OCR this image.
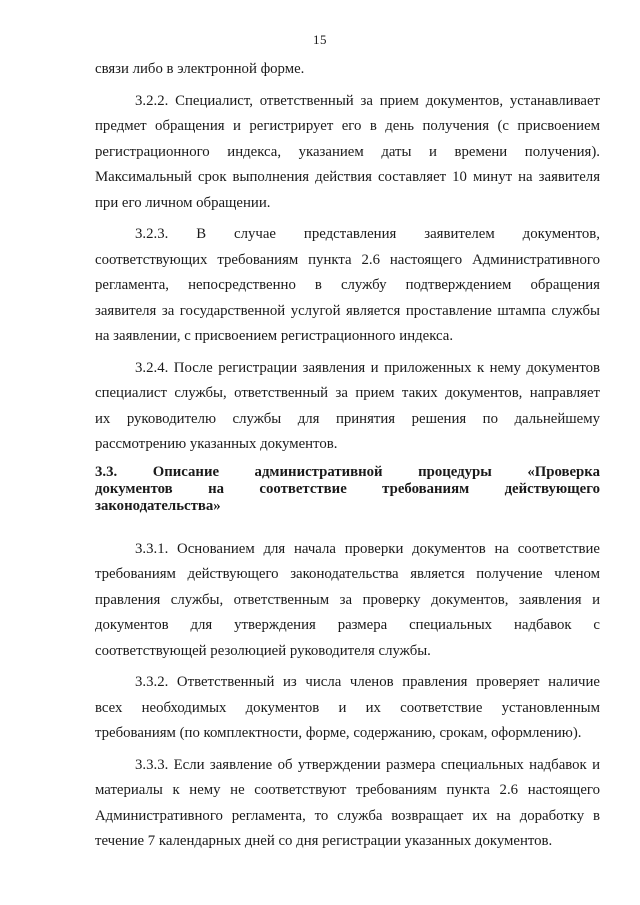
15
связи либо в электронной форме.
3.2.2. Специалист, ответственный за прием документов, устанавливает
предмет обращения и регистрирует его в день получения (с присвоением
регистрационного индекса, указанием даты и времени получения).
Максимальный срок выполнения действия составляет 10 минут на заявителя
при его личном обращении.
3.2.3. В случае представления заявителем документов,
соответствующих требованиям пункта 2.6 настоящего Административного
регламента, непосредственно в службу подтверждением обращения
заявителя за государственной услугой является проставление штампа службы
на заявлении, с присвоением регистрационного индекса.
3.2.4. После регистрации заявления и приложенных к нему документов
специалист службы, ответственный за прием таких документов, направляет
их руководителю службы для принятия решения по дальнейшему
рассмотрению указанных документов.
3.3. Описание административной процедуры «Проверка
документов на соответствие требованиям действующего
законодательства»
3.3.1. Основанием для начала проверки документов на соответствие
требованиям действующего законодательства является получение членом
правления службы, ответственным за проверку документов, заявления и
документов для утверждения размера специальных надбавок с
соответствующей резолюцией руководителя службы.
3.3.2. Ответственный из числа членов правления проверяет наличие
всех необходимых документов и их соответствие установленным
требованиям (по комплектности, форме, содержанию, срокам, оформлению).
3.3.3. Если заявление об утверждении размера специальных надбавок и
материалы к нему не соответствуют требованиям пункта 2.6 настоящего
Административного регламента, то служба возвращает их на доработку в
течение 7 календарных дней со дня регистрации указанных документов.
